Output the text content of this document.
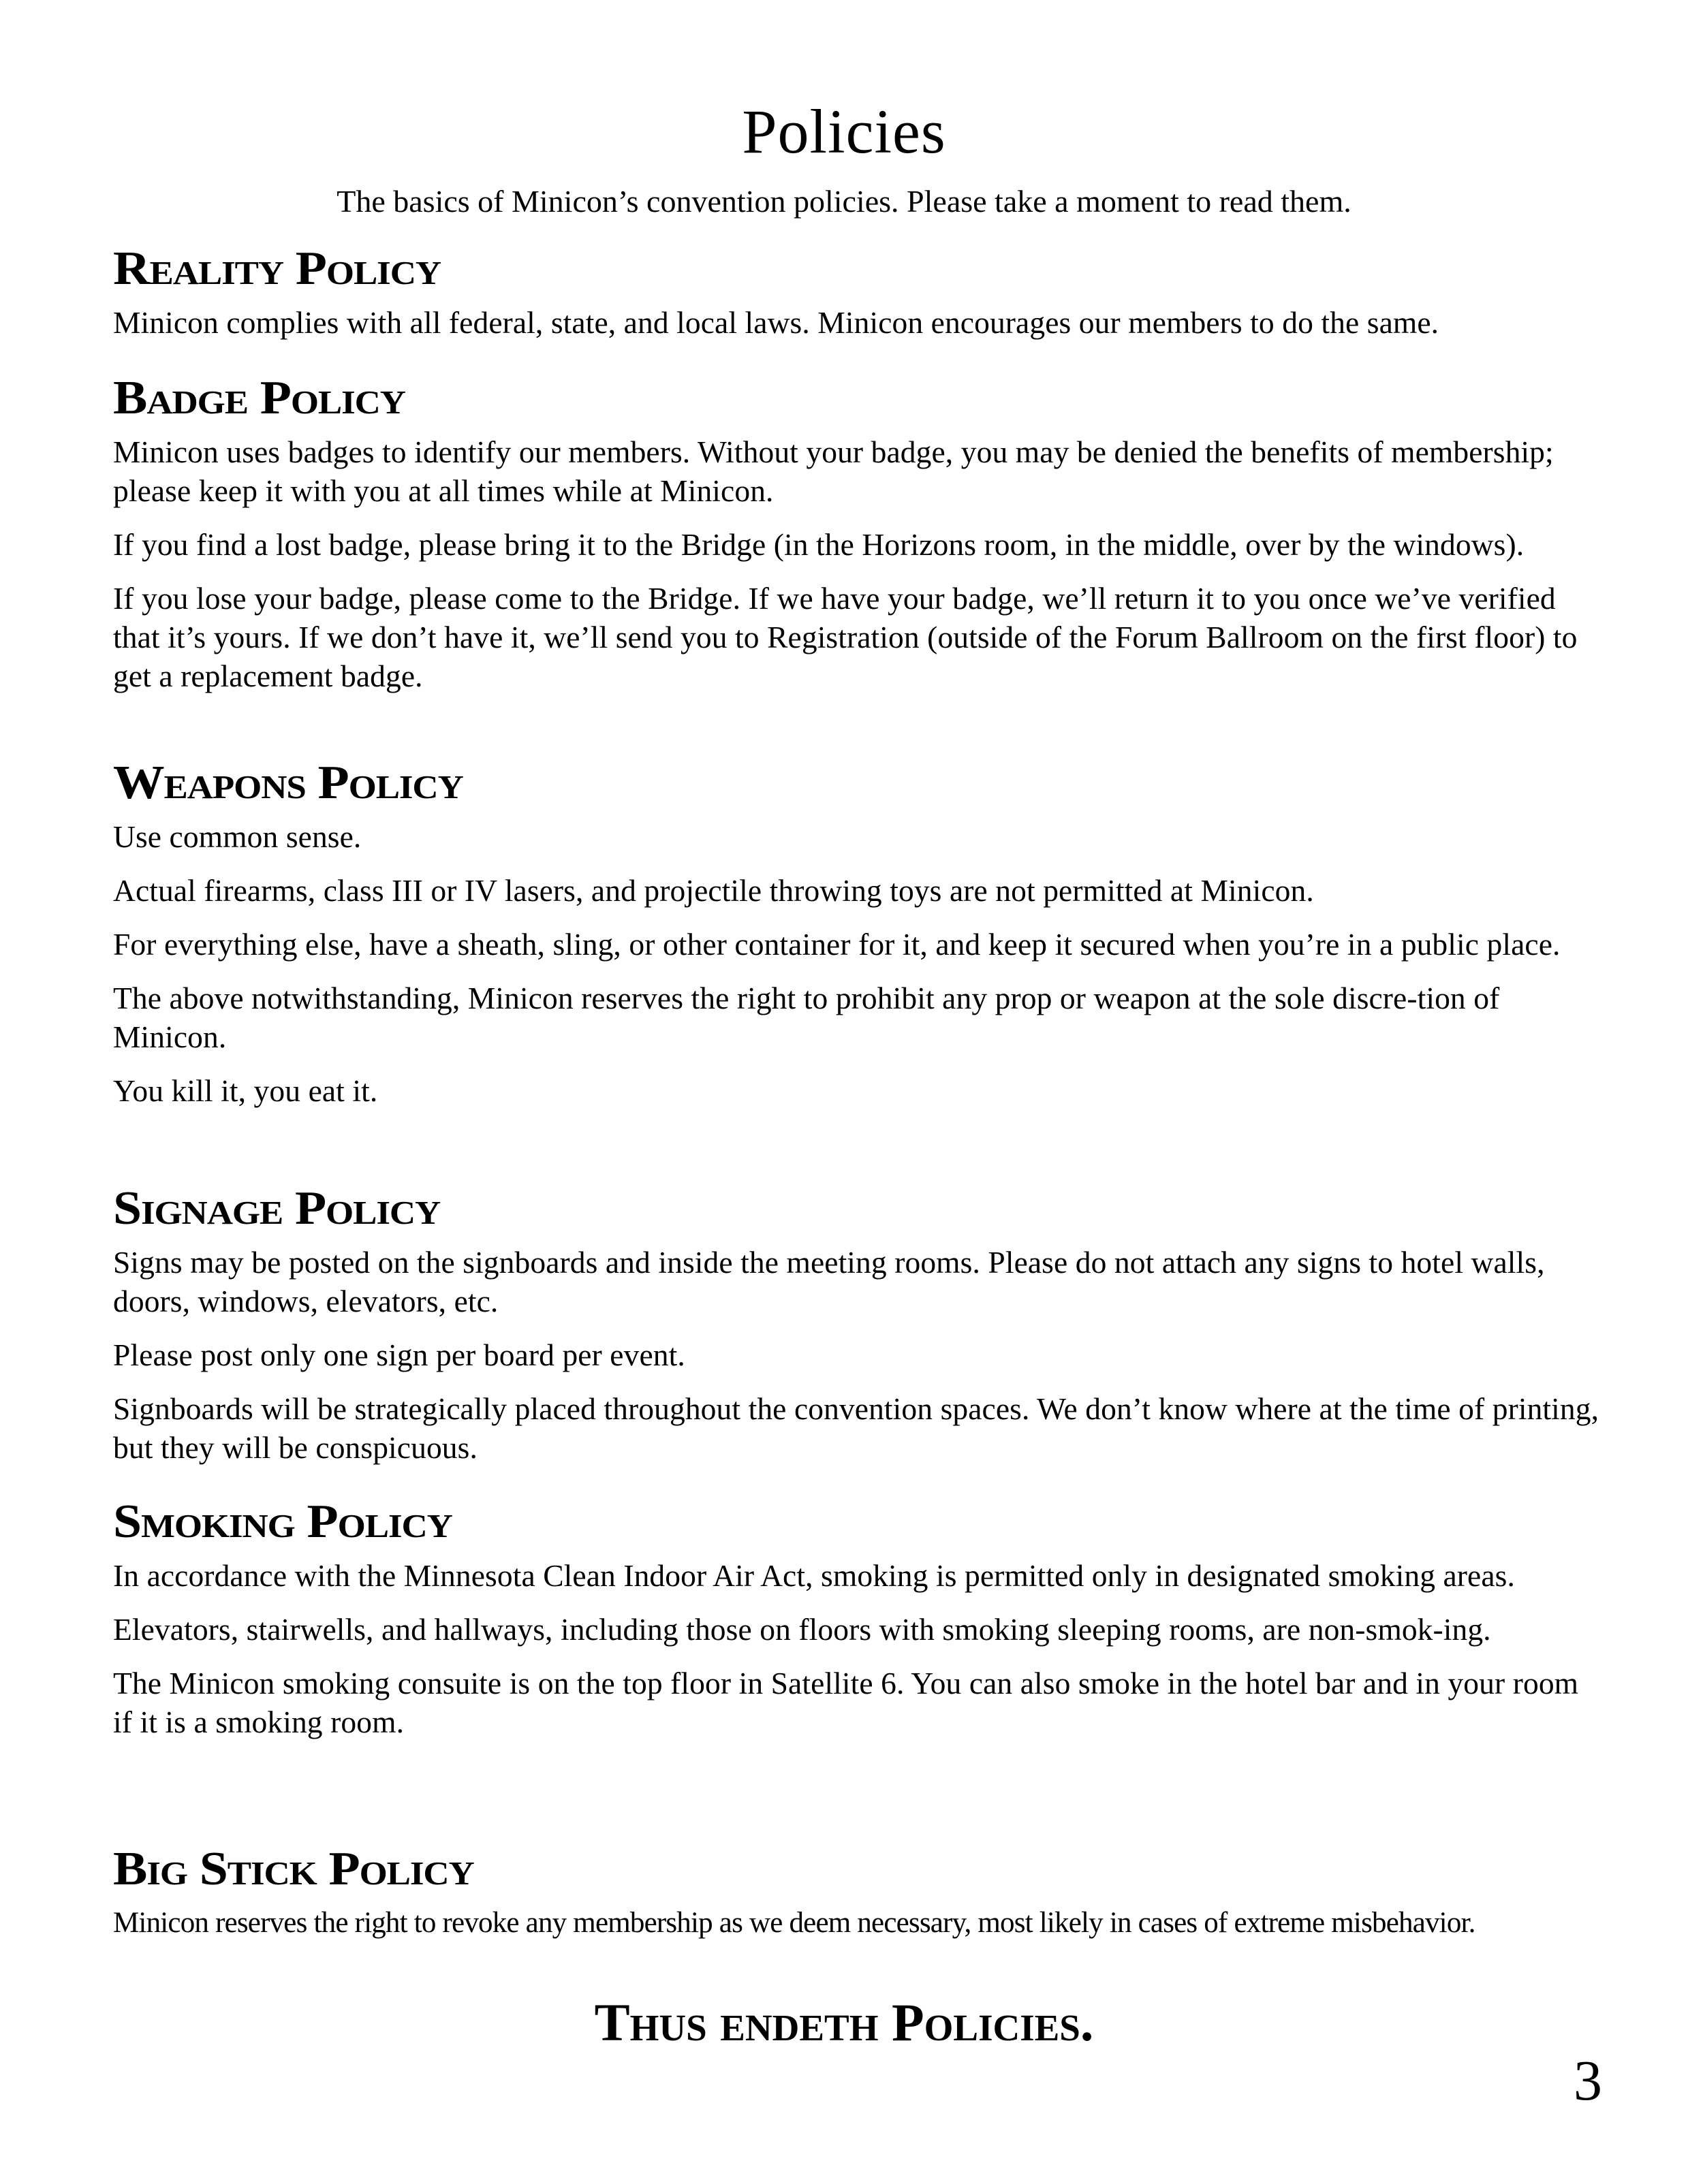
Policies
The basics of Minicon’s convention policies. Please take a moment to read them.
Reality Policy

Minicon complies with all federal, state, and local laws. Minicon encourages our members to do the same.

Badge Policy

Minicon uses badges to identify our members. Without your badge, you may be denied the benefits of membership; please keep it with you at all times while at Minicon.

If you find a lost badge, please bring it to the Bridge (in the Horizons room, in the middle, over by the windows).

If you lose your badge, please come to the Bridge. If we have your badge, we’ll return it to you once we’ve verified that it’s yours. If we don’t have it, we’ll send you to Registration (outside of the Forum Ballroom on the first floor) to get a replacement badge.

Weapons Policy

Use common sense.

Actual firearms, class III or IV lasers, and projectile throwing toys are not permitted at Minicon.

For everything else, have a sheath, sling, or other container for it, and keep it secured when you’re in a public place.

The above notwithstanding, Minicon reserves the right to prohibit any prop or weapon at the sole discre-tion of Minicon.

You kill it, you eat it.

Signage Policy

Signs may be posted on the signboards and inside the meeting rooms. Please do not attach any signs to hotel walls, doors, windows, elevators, etc.

Please post only one sign per board per event.

Signboards will be strategically placed throughout the convention spaces. We don’t know where at the time of printing, but they will be conspicuous.

Smoking Policy

In accordance with the Minnesota Clean Indoor Air Act, smoking is permitted only in designated smoking areas.

Elevators, stairwells, and hallways, including those on floors with smoking sleeping rooms, are non-smok-ing.

The Minicon smoking consuite is on the top floor in Satellite 6. You can also smoke in the hotel bar and in your room if it is a smoking room.

Big Stick Policy

Minicon reserves the right to revoke any membership as we deem necessary, most likely in cases of extreme misbehavior.

Thus endeth Policies.
3
